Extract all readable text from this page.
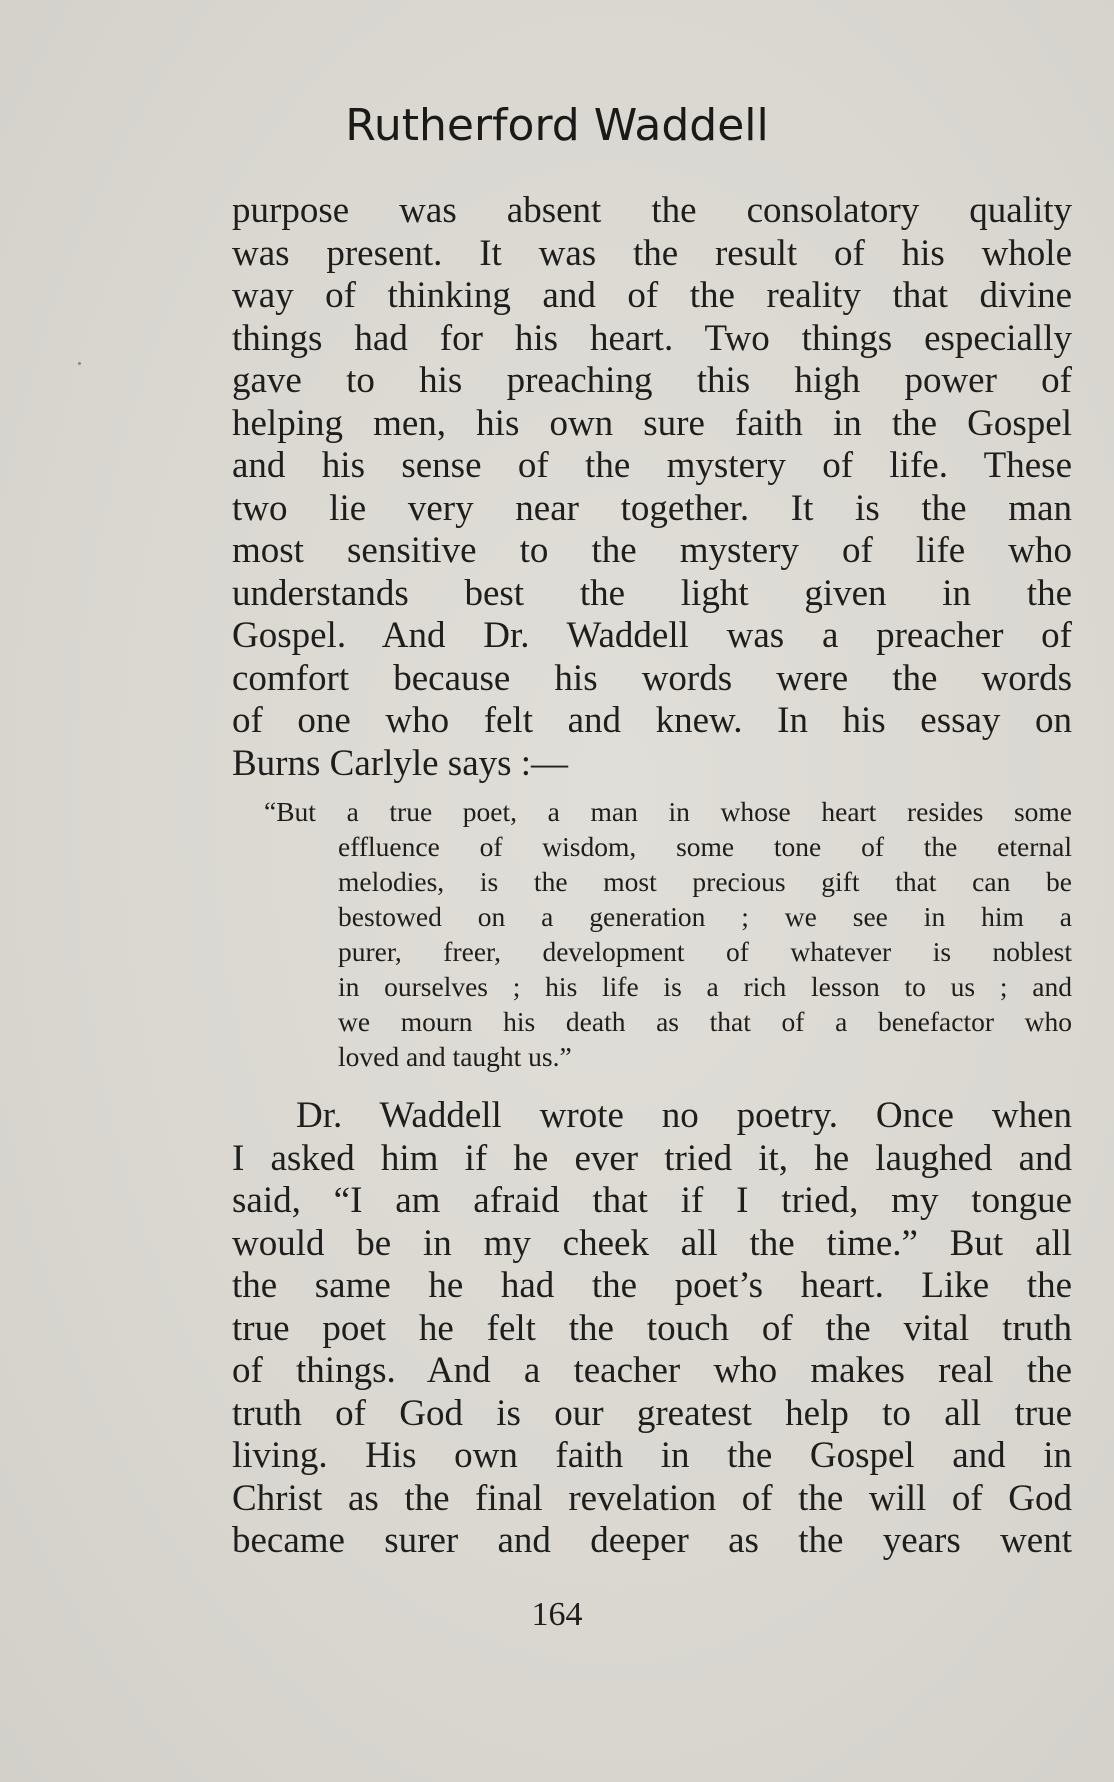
Rutherford Waddell
purpose was absent the consolatory quality
was present. It was the result of his whole
way of thinking and of the reality that divine
things had for his heart. Two things especially
gave to his preaching this high power of
helping men, his own sure faith in the Gospel
and his sense of the mystery of life. These
two lie very near together. It is the man
most sensitive to the mystery of life who
understands best the light given in the
Gospel. And Dr. Waddell was a preacher of
comfort because his words were the words
of one who felt and knew. In his essay on
Burns Carlyle says :—
“But a true poet, a man in whose heart resides some
effluence of wisdom, some tone of the eternal
melodies, is the most precious gift that can be
bestowed on a generation ; we see in him a
purer, freer, development of whatever is noblest
in ourselves ; his life is a rich lesson to us ; and
we mourn his death as that of a benefactor who
loved and taught us.”
Dr. Waddell wrote no poetry. Once when
I asked him if he ever tried it, he laughed and
said, “I am afraid that if I tried, my tongue
would be in my cheek all the time.” But all
the same he had the poet’s heart. Like the
true poet he felt the touch of the vital truth
of things. And a teacher who makes real the
truth of God is our greatest help to all true
living. His own faith in the Gospel and in
Christ as the final revelation of the will of God
became surer and deeper as the years went
164
